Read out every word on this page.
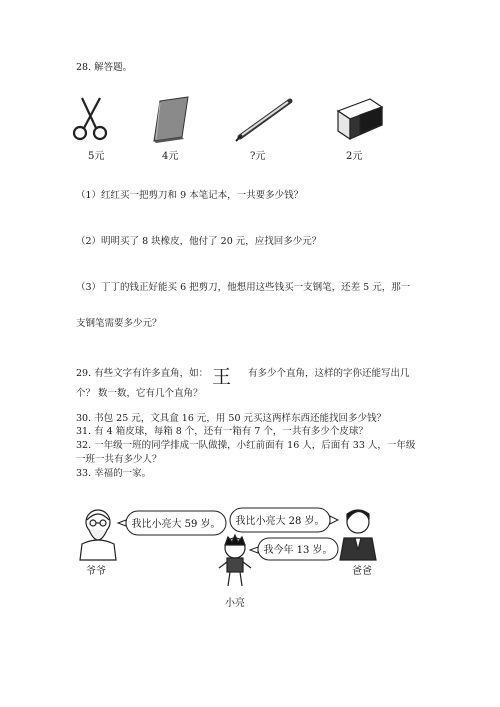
28. 解答题。
5元	4元	?元	2元
（1）红红买一把剪刀和 9 本笔记本，一共要多少钱？
（2）明明买了 8 块橡皮，他付了 20 元，应找回多少元？
（3）丁丁的钱正好能买 6 把剪刀，他想用这些钱买一支钢笔，还差 5 元，那一
支钢笔需要多少元？
29. 有些文字有许多直角，如： 王 有多少个直角，这样的字你还能写出几
个？ 数一数，它有几个直角？
30. 书包 25 元，文具盒 16 元，用 50 元买这两样东西还能找回多少钱？
31. 有 4 箱皮球，每箱 8 个，还有一箱有 7 个，一共有多少个皮球？
32. 一年级一班的同学排成一队做操，小红前面有 16 人，后面有 33 人，一年级
一班一共有多少人？
33. 幸福的一家。
我比小亮大 59 岁。 我比小亮大 28 岁。
我今年 13 岁。
爷爷	爸爸
小亮
